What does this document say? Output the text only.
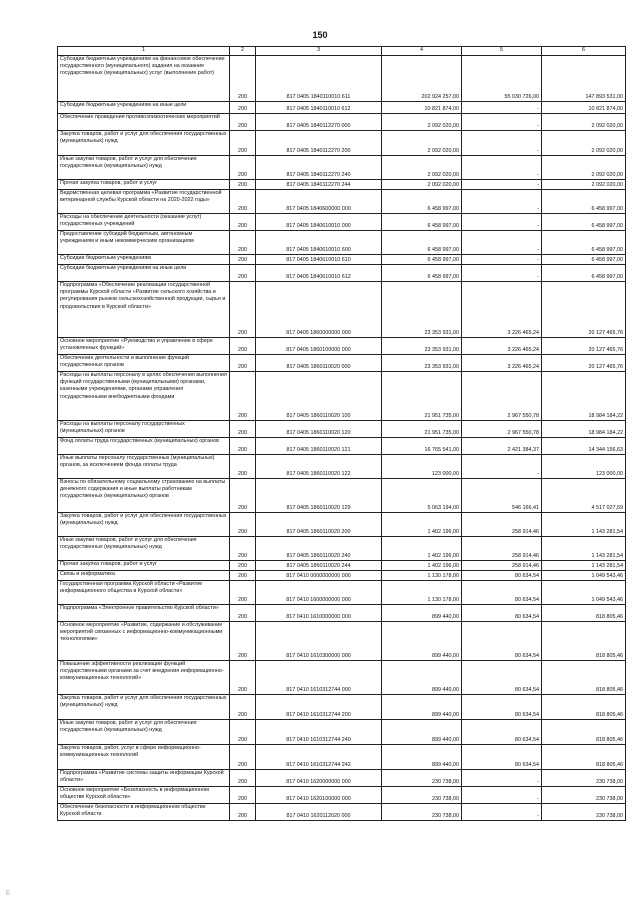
150
1	2	3	4	5	6
Субсидии бюджетным учреждениям на финансовое обеспечение государственного (муниципального) задания на оказание государственных (муниципальных) услуг (выполнение работ)	200	817 0405 1840110010 611	202 924 257,00	55 030 726,00	147 893 531,00
Субсидии бюджетным учреждениям на иные цели	200	817 0405 1840110010 612	10 821 874,00	-	10 821 874,00
Обеспечение проведения противоэпизоотических мероприятий	200	817 0405 1840112270 000	2 092 020,00	-	2 092 020,00
Закупка товаров, работ и услуг для обеспечения государственных (муниципальных) нужд	200	817 0405 1840112270 200	2 092 020,00	-	2 092 020,00
Иные закупки товаров, работ и услуг для обеспечения государственных (муниципальных) нужд	200	817 0405 1840112270 240	2 092 020,00	-	2 092 020,00
Прочая закупка товаров, работ и услуг	200	817 0405 1840112270 244	2 092 020,00	-	2 092 020,00
Ведомственная целевая программа «Развитие государственной ветеринарной службы Курской области на 2020-2022 годы»	200	817 0405 1840600000 000	6 458 997,00	-	6 458 997,00
Расходы на обеспечение деятельности (оказание услуг) государственных учреждений	200	817 0405 1840610010 000	6 458 997,00	-	6 458 997,00
Предоставление субсидий бюджетным, автономным учреждениям и иным некоммерческим организациям	200	817 0405 1840610010 600	6 458 997,00	-	6 458 997,00
Субсидии бюджетным учреждениям	200	817 0405 1840610010 610	6 458 997,00	-	6 458 997,00
Субсидии бюджетным учреждениям на иные цели	200	817 0405 1840610010 612	6 458 997,00	-	6 458 997,00
Подпрограмма «Обеспечение реализации государственной программы Курской области «Развитие сельского хозяйства и регулирования рынков сельскохозяйственной продукции, сырья и продовольствия в Курской области»	200	817 0405 1860000000 000	23 353 931,00	3 226 465,24	20 127 465,76
Основное мероприятие «Руководство и управление в сфере установленных функций»	200	817 0405 1860100000 000	23 353 931,00	3 226 465,24	20 127 465,76
Обеспечение деятельности и выполнение функций государственных органов	200	817 0405 1860110020 000	23 353 931,00	3 226 465,24	20 127 465,76
Расходы на выплаты персоналу в целях обеспечения выполнения функций государственными (муниципальными) органами, казенными учреждениями, органами управления государственными внебюджетными фондами	200	817 0405 1860110020 100	21 951 735,00	2 967 550,78	18 984 184,22
Расходы на выплаты персоналу государственных (муниципальных) органов	200	817 0405 1860110020 120	21 951 735,00	2 967 550,78	18 984 184,22
Фонд оплаты труда государственных (муниципальных) органов	200	817 0405 1860110020 121	16 765 541,00	2 421 384,37	14 344 156,63
Иные выплаты персоналу государственных (муниципальных) органов, за исключением фонда оплаты труда	200	817 0405 1860110020 122	123 000,00	-	123 000,00
Взносы по обязательному социальному страхованию на выплаты денежного содержания и иные выплаты работникам государственных (муниципальных) органов	200	817 0405 1860110020 129	5 063 194,00	546 166,41	4 517 027,59
Закупка товаров, работ и услуг для обеспечения государственных (муниципальных) нужд	200	817 0405 1860110020 200	1 402 196,00	258 914,46	1 143 281,54
Иные закупки товаров, работ и услуг для обеспечения государственных (муниципальных) нужд	200	817 0405 1860110020 240	1 402 196,00	258 914,46	1 143 281,54
Прочая закупка товаров, работ и услуг	200	817 0405 1860110020 244	1 402 196,00	258 914,46	1 143 281,54
Связь и информатика	200	817 0410 0000000000 000	1 130 178,00	80 634,54	1 049 543,46
Государственная программа Курской области «Развитие информационного общества в Курской области»	200	817 0410 1600000000 000	1 130 178,00	80 634,54	1 049 543,46
Подпрограмма «Электронное правительство Курской области»	200	817 0410 1610000000 000	899 440,00	80 634,54	818 805,46
Основное мероприятие «Развитие, содержание и обслуживание мероприятий связанных с информационно-коммуникационными технологиями»	200	817 0410 1610300000 000	899 440,00	80 634,54	818 805,46
Повышение эффективности реализации функций государственными органами за счет внедрения информационно-коммуникационных технологий»	200	817 0410 1610312744 000	899 440,00	80 634,54	818 805,46
Закупка товаров, работ и услуг для обеспечения государственных (муниципальных) нужд	200	817 0410 1610312744 200	899 440,00	80 634,54	818 805,46
Иные закупки товаров, работ и услуг для обеспечения государственных (муниципальных) нужд	200	817 0410 1610312744 240	899 440,00	80 634,54	818 805,46
Закупка товаров, работ, услуг в сфере информационно-коммуникационных технологий	200	817 0410 1610312744 242	899 440,00	80 634,54	818 805,46
Подпрограмма «Развитие системы защиты информации Курской области»	200	817 0410 1620000000 000	230 738,00	-	230 738,00
Основное мероприятие «Безопасность в информационном обществе Курской области»	200	817 0410 1620100000 000	230 738,00	-	230 738,00
Обеспечение безопасности в информационном обществе Курской области	200	817 0410 1620112020 000	230 738,00	-	230 738,00
Е
